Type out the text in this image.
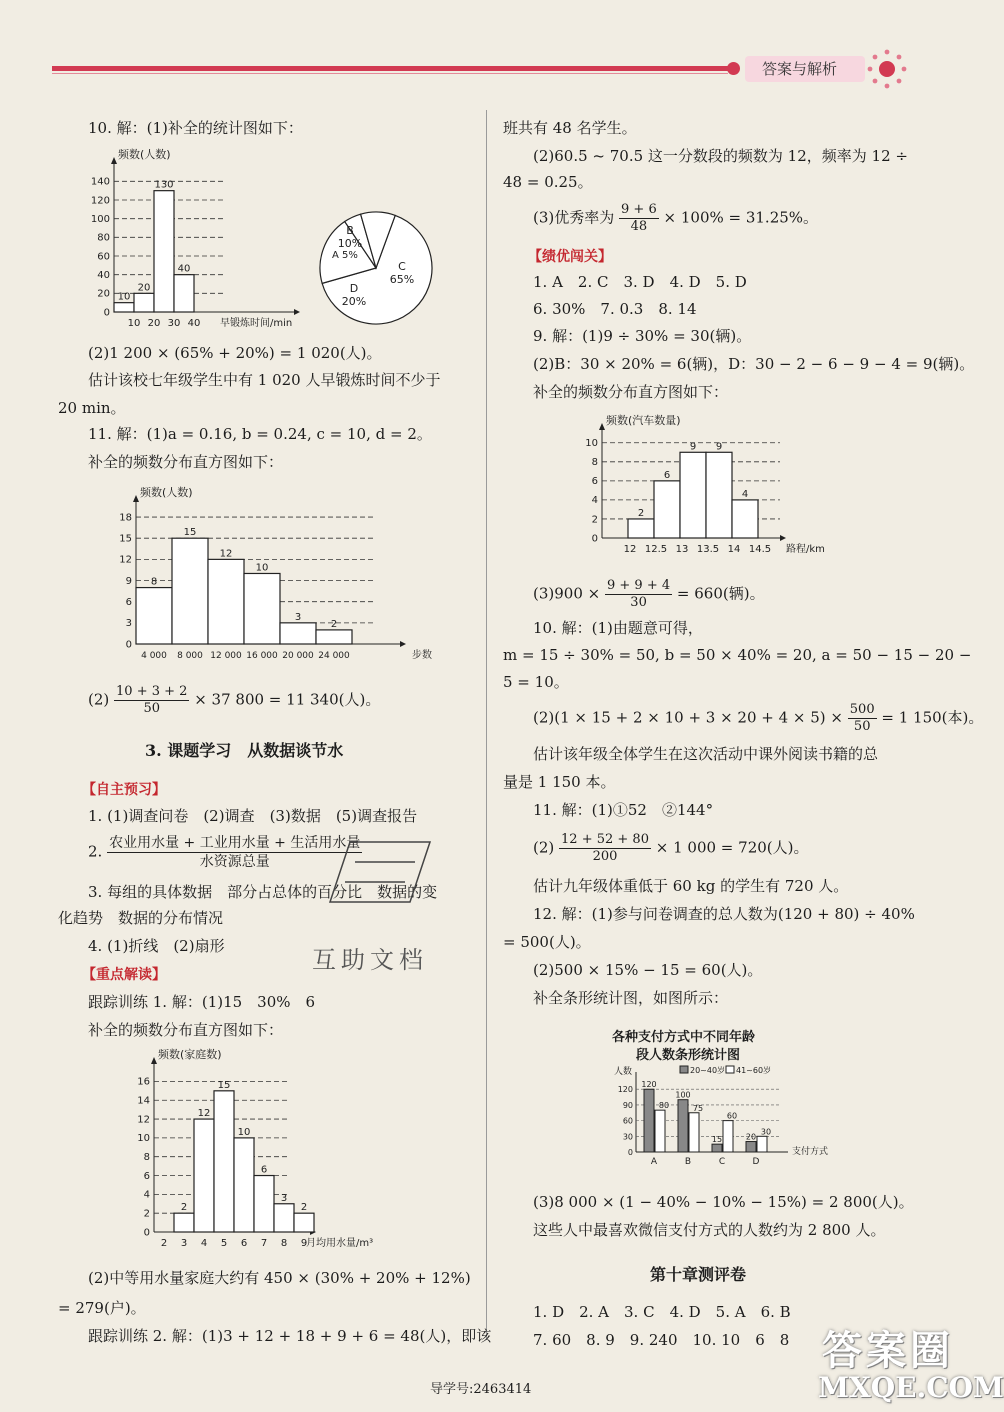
答案与解析
10. 解：(1)补全的统计图如下：
0
20
40
60
80
100
120
140
频数(人数)
早锻炼时间/min
10
20
130
40
10 20 30 40
C
65%
D
20%
A 5%
B
10%
(2)1 200 × (65% + 20%) = 1 020(人)。
估计该校七年级学生中有 1 020 人早锻炼时间不少于
20 min。
11. 解：(1)a = 0.16, b = 0.24, c = 10, d = 2。
补全的频数分布直方图如下：
0
3
6
9
12
15
18
频数(人数)
步数
8
15
12
10
3
2
4 000 8 000 12 000 16 000 20 000 24 000
$(2) \frac{10 + 3 + 2}{50} \times 37$ 800 = 11 340(人)。
3. 课题学习　从数据谈节水
【自主预习】
1. (1)调查问卷　(2)调查　(3)数据　(5)调查报告
2. $\frac{\text{农业用水量 + 工业用水量 + 生活用水量}}{\text{水资源总量}}$
3. 每组的具体数据　部分占总体的百分比　数据的变
化趋势　数据的分布情况
4. (1)折线　(2)扇形	互助文档
【重点解读】
跟踪训练 1. 解：(1)15　30%　6
补全的频数分布直方图如下：
0
2
4
6
8
10
12
14
16
频数(家庭数)
月均用水量/m³
2
12
15
10
6
3
2
2 3 4 5 6 7 8 9
(2)中等用水量家庭大约有 450 × (30% + 20% + 12%)
= 279(户)。
跟踪训练 2. 解：(1)3 + 12 + 18 + 9 + 6 = 48(人)，即该
班共有 48 名学生。
(2)60.5 ~ 70.5 这一分数段的频数为 12，频率为 12 ÷
48 = 0.25。
(3)优秀率为 $\frac{9 + 6}{48} \times 100\% = 31.25\%$。
【绩优闯关】
1. A　2. C　3. D　4. D　5. D
6. 30%　7. 0.3　8. 14
9. 解：(1)9 ÷ 30% = 30(辆)。
(2)B：30 × 20% = 6(辆)，D：30 − 2 − 6 − 9 − 4 = 9(辆)。
补全的频数分布直方图如下：
0
2
4
6
8
10
频数(汽车数量)
路程/km
2
6
9 9
4
12 12.5 13 13.5 14 14.5
$(3)900 \times \frac{9 + 9 + 4}{30} = 660$(辆)。
10. 解：(1)由题意可得，
m = 15 ÷ 30% = 50, b = 50 × 40% = 20, a = 50 − 15 − 20 −
5 = 10。
$(2)(1 \times 15 + 2 \times 10 + 3 \times 20 + 4 \times 5) \times \frac{500}{50} = 1$ 150(本)。
估计该年级全体学生在这次活动中课外阅读书籍的总
量是 1 150 本。
11. 解：(1)①52　②144°
$(2) \frac{12 + 52 + 80}{200} \times 1$ 000 = 720(人)。
估计九年级体重低于 60 kg 的学生有 720 人。
12. 解：(1)参与问卷调查的总人数为(120 + 80) ÷ 40%
= 500(人)。
(2)500 × 15% − 15 = 60(人)。
补全条形统计图，如图所示：
各种支付方式中不同年龄
段人数条形统计图
人数
支付方式
0
30
60
90
120
20~40岁 41~60岁
120
80
A
100
75
B
15
60
C
20
30
D
(3)8 000 × (1 − 40% − 10% − 15%) = 2 800(人)。
这些人中最喜欢微信支付方式的人数约为 2 800 人。
第十章测评卷
1. D　2. A　3. C　4. D　5. A　6. B
7. 60　8. 9　9. 240　10. 10　6　8
导学号:2463414
答案圈
MXQE.COM
